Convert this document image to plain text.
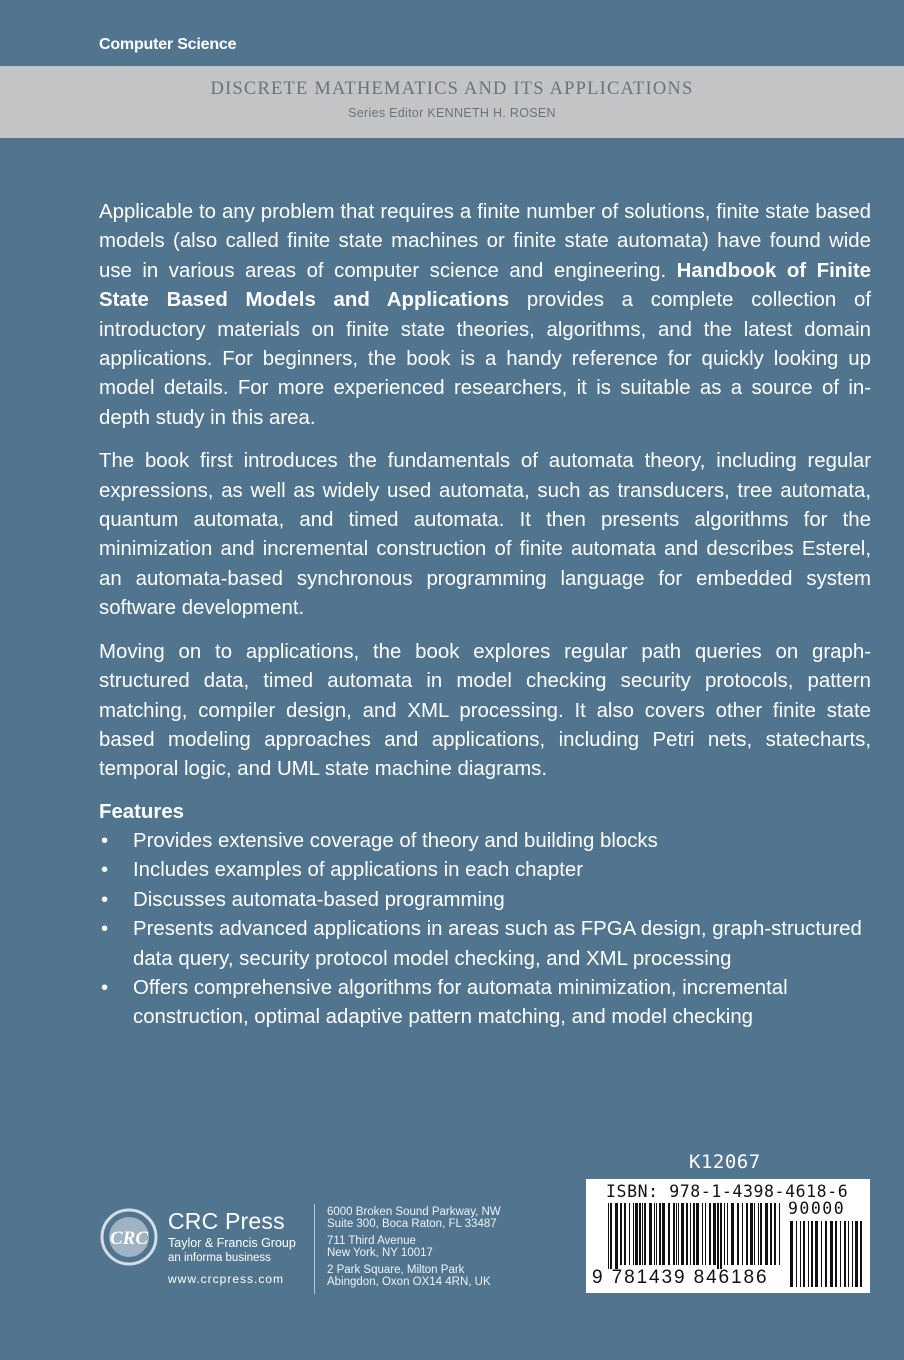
Computer Science
DISCRETE MATHEMATICS AND ITS APPLICATIONS
Series Editor KENNETH H. ROSEN

Applicable to any problem that requires a finite number of solutions, finite state based models (also called finite state machines or finite state automata) have found wide use in various areas of computer science and engineering. Handbook of Finite State Based Models and Applications provides a complete collection of introductory materials on finite state theories, algorithms, and the latest domain applications. For beginners, the book is a handy reference for quickly looking up model details. For more experienced researchers, it is suitable as a source of in-depth study in this area.

The book first introduces the fundamentals of automata theory, including regular expressions, as well as widely used automata, such as transducers, tree automata, quantum automata, and timed automata. It then presents algorithms for the minimization and incremental construction of finite automata and describes Esterel, an automata-based synchronous programming language for embedded system software development.

Moving on to applications, the book explores regular path queries on graph-structured data, timed automata in model checking security protocols, pattern matching, compiler design, and XML processing. It also covers other finite state based modeling approaches and applications, including Petri nets, statecharts, temporal logic, and UML state machine diagrams.

Features
• Provides extensive coverage of theory and building blocks
• Includes examples of applications in each chapter
• Discusses automata-based programming
• Presents advanced applications in areas such as FPGA design, graph-structured data query, security protocol model checking, and XML processing
• Offers comprehensive algorithms for automata minimization, incremental construction, optimal adaptive pattern matching, and model checking
K12067
ISBN: 978-1-4398-4618-6
90000
9 781439 846186
CRC
CRC Press
Taylor & Francis Group
an informa business
www.crcpress.com
6000 Broken Sound Parkway, NW
Suite 300, Boca Raton, FL 33487
711 Third Avenue
New York, NY 10017
2 Park Square, Milton Park
Abingdon, Oxon OX14 4RN, UK
